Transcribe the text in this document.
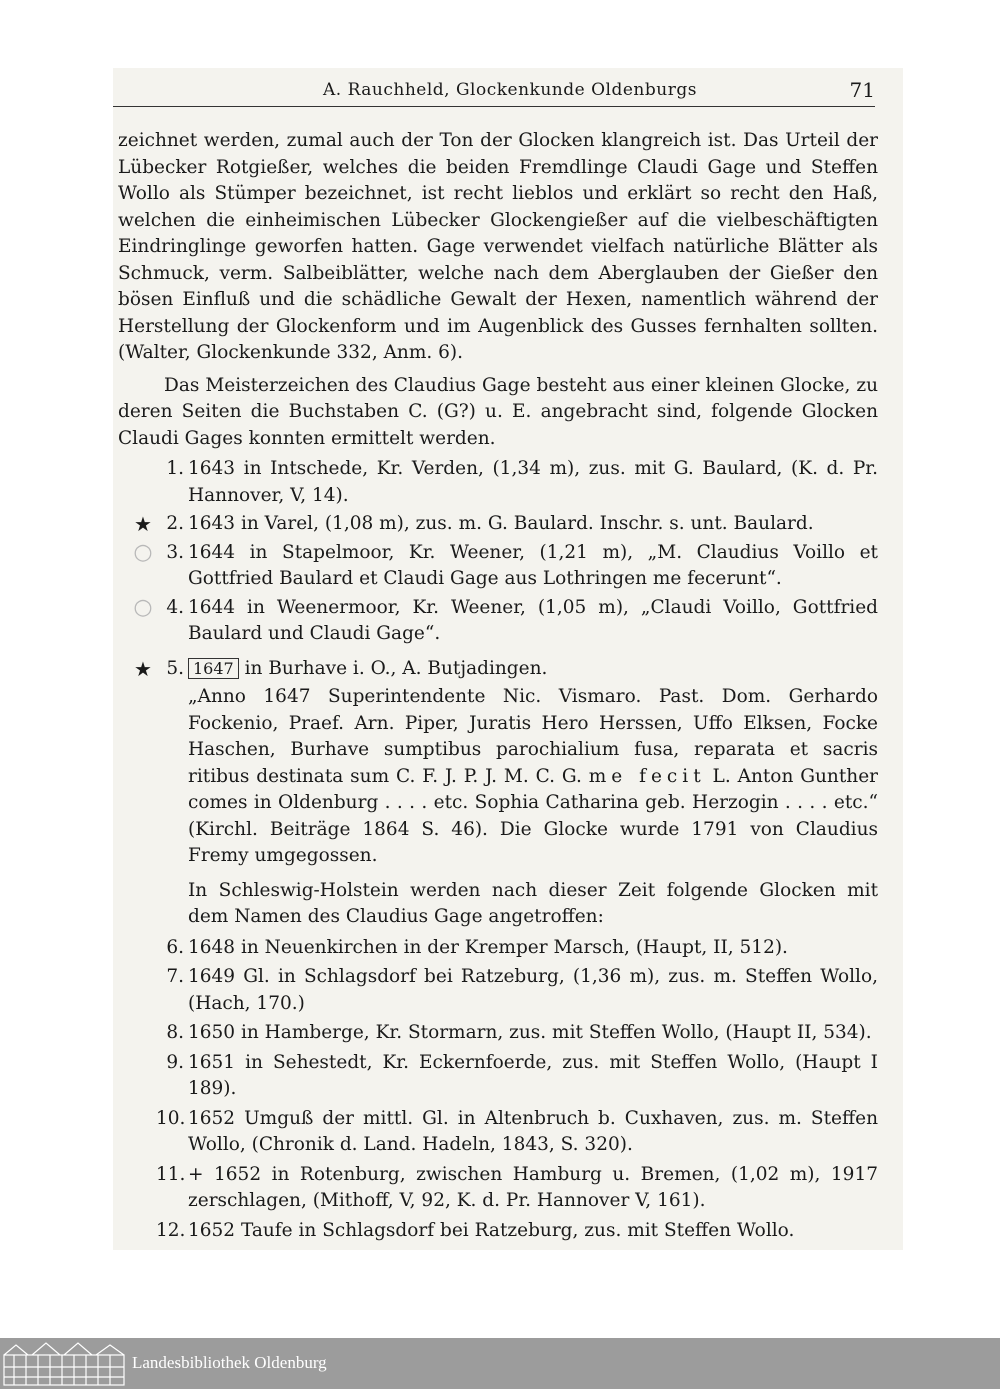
A. Rauchheld, Glockenkunde Oldenburgs	71

zeichnet werden, zumal auch der Ton der Glocken klangreich ist. Das Urteil der Lübecker Rotgießer, welches die beiden Fremdlinge Claudi Gage und Steffen Wollo als Stümper bezeichnet, ist recht lieblos und erklärt so recht den Haß, welchen die einheimischen Lübecker Glockengießer auf die vielbeschäftigten Eindringlinge geworfen hatten. Gage verwendet vielfach natürliche Blätter als Schmuck, verm. Salbeiblätter, welche nach dem Aberglauben der Gießer den bösen Einfluß und die schädliche Gewalt der Hexen, namentlich während der Herstellung der Glockenform und im Augenblick des Gusses fernhalten sollten. (Walter, Glockenkunde 332, Anm. 6).

Das Meisterzeichen des Claudius Gage besteht aus einer kleinen Glocke, zu deren Seiten die Buchstaben C. (G?) u. E. angebracht sind, folgende Glocken Claudi Gages konnten ermittelt werden.

1. 1643 in Intschede, Kr. Verden, (1,34 m), zus. mit G. Baulard, (K. d. Pr. Hannover, V, 14).
★ 2. 1643 in Varel, (1,08 m), zus. m. G. Baulard. Inschr. s. unt. Baulard.
○ 3. 1644 in Stapelmoor, Kr. Weener, (1,21 m), „M. Claudius Voillo et Gottfried Baulard et Claudi Gage aus Lothringen me fecerunt“.
○ 4. 1644 in Weenermoor, Kr. Weener, (1,05 m), „Claudi Voillo, Gottfried Baulard und Claudi Gage“.
★ 5. 1647 in Burhave i. O., A. Butjadingen.
„Anno 1647 Superintendente Nic. Vismaro. Past. Dom. Gerhardo Fockenio, Praef. Arn. Piper, Juratis Hero Herssen, Uffo Elksen, Focke Haschen, Burhave sumptibus parochialium fusa, reparata et sacris ritibus destinata sum C. F. J. P. J. M. C. G. me fecit L. Anton Gunther comes in Oldenburg . . . . etc. Sophia Catharina geb. Herzogin . . . . etc.“ (Kirchl. Beiträge 1864 S. 46). Die Glocke wurde 1791 von Claudius Fremy umgegossen.

In Schleswig-Holstein werden nach dieser Zeit folgende Glocken mit dem Namen des Claudius Gage angetroffen:

6. 1648 in Neuenkirchen in der Kremper Marsch, (Haupt, II, 512).
7. 1649 Gl. in Schlagsdorf bei Ratzeburg, (1,36 m), zus. m. Steffen Wollo, (Hach, 170.)
8. 1650 in Hamberge, Kr. Stormarn, zus. mit Steffen Wollo, (Haupt II, 534).
9. 1651 in Sehestedt, Kr. Eckernfoerde, zus. mit Steffen Wollo, (Haupt I 189).
10. 1652 Umguß der mittl. Gl. in Altenbruch b. Cuxhaven, zus. m. Steffen Wollo, (Chronik d. Land. Hadeln, 1843, S. 320).
11. + 1652 in Rotenburg, zwischen Hamburg u. Bremen, (1,02 m), 1917 zerschlagen, (Mithoff, V, 92, K. d. Pr. Hannover V, 161).
12. 1652 Taufe in Schlagsdorf bei Ratzeburg, zus. mit Steffen Wollo.
Landesbibliothek Oldenburg
